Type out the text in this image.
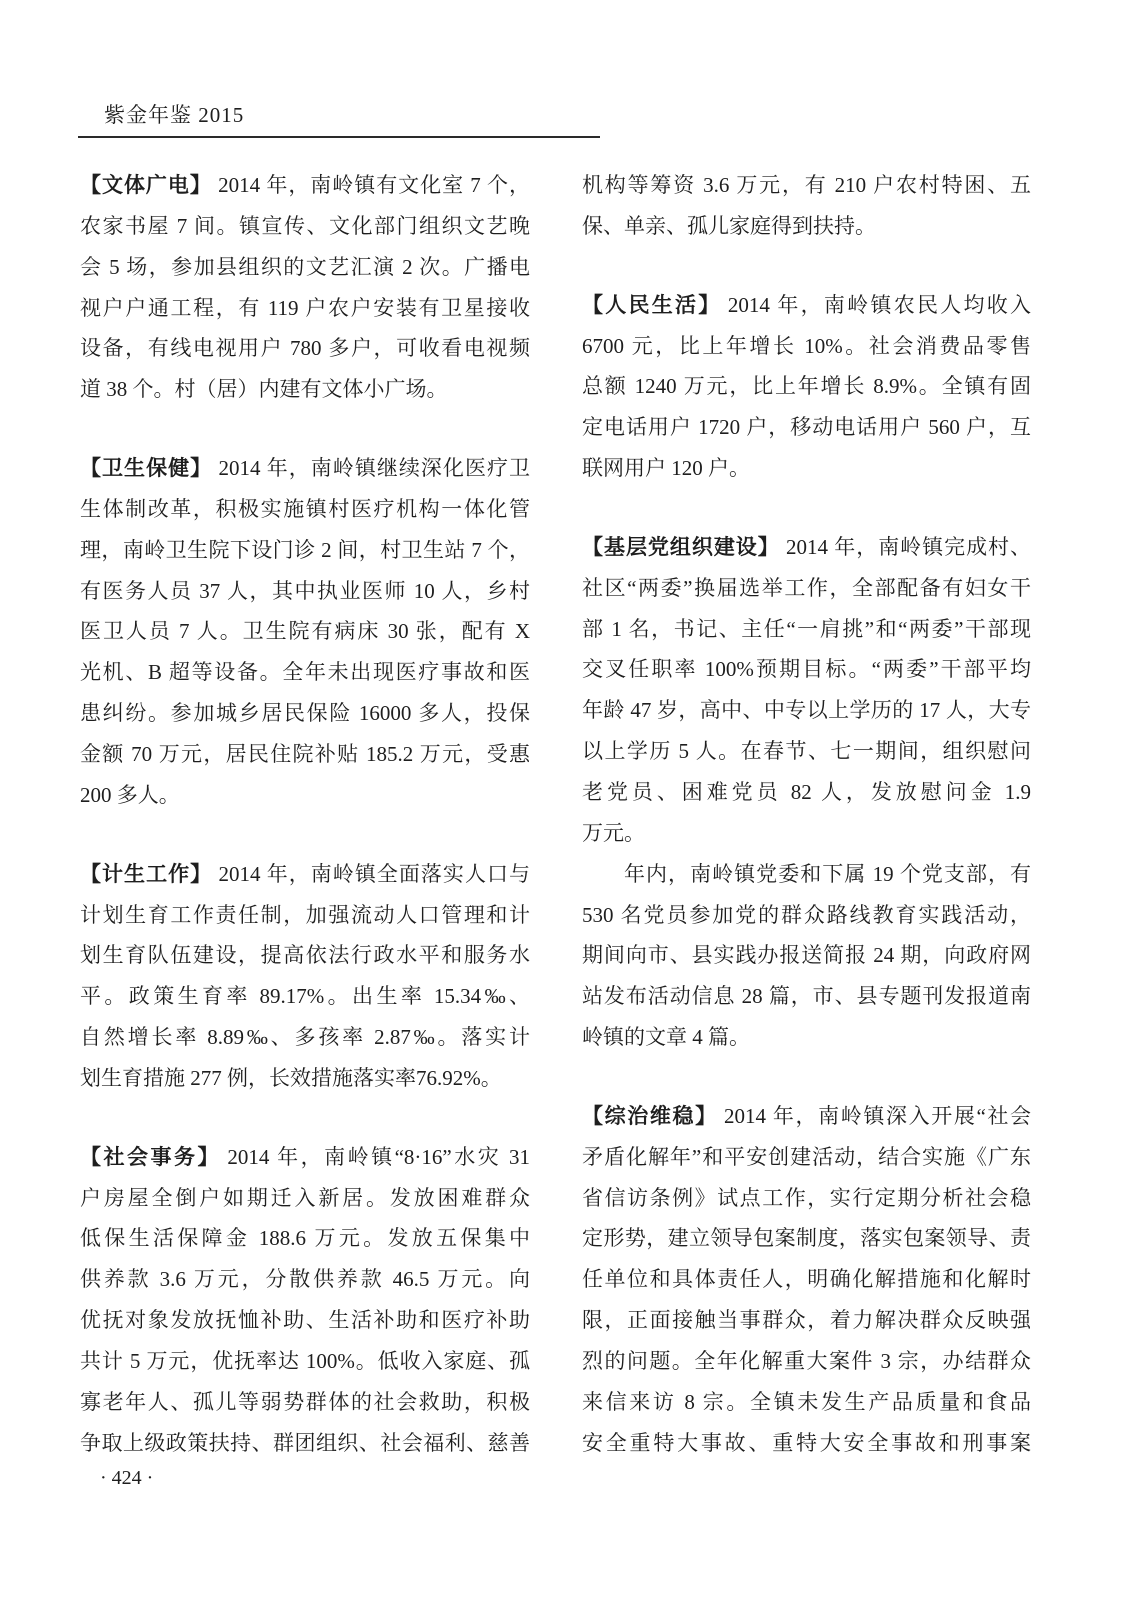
紫金年鉴 2015
【文体广电】 2014 年，南岭镇有文化室 7 个，
农家书屋 7 间。镇宣传、文化部门组织文艺晚
会 5 场，参加县组织的文艺汇演 2 次。广播电
视户户通工程，有 119 户农户安装有卫星接收
设备，有线电视用户 780 多户，可收看电视频
道 38 个。村（居）内建有文体小广场。
【卫生保健】 2014 年，南岭镇继续深化医疗卫
生体制改革，积极实施镇村医疗机构一体化管
理，南岭卫生院下设门诊 2 间，村卫生站 7 个，
有医务人员 37 人，其中执业医师 10 人，乡村
医卫人员 7 人。卫生院有病床 30 张，配有 X
光机、B 超等设备。全年未出现医疗事故和医
患纠纷。参加城乡居民保险 16000 多人，投保
金额 70 万元，居民住院补贴 185.2 万元，受惠
200 多人。
【计生工作】 2014 年，南岭镇全面落实人口与
计划生育工作责任制，加强流动人口管理和计
划生育队伍建设，提高依法行政水平和服务水
平。政策生育率 89.17%。出生率 15.34‰、
自然增长率 8.89‰、多孩率 2.87‰。落实计
划生育措施 277 例，长效措施落实率76.92%。
【社会事务】 2014 年，南岭镇“8·16”水灾 31
户房屋全倒户如期迁入新居。发放困难群众
低保生活保障金 188.6 万元。发放五保集中
供养款 3.6 万元，分散供养款 46.5 万元。向
优抚对象发放抚恤补助、生活补助和医疗补助
共计 5 万元，优抚率达 100%。低收入家庭、孤
寡老年人、孤儿等弱势群体的社会救助，积极
争取上级政策扶持、群团组织、社会福利、慈善
机构等筹资 3.6 万元，有 210 户农村特困、五
保、单亲、孤儿家庭得到扶持。
【人民生活】 2014 年，南岭镇农民人均收入
6700 元，比上年增长 10%。社会消费品零售
总额 1240 万元，比上年增长 8.9%。全镇有固
定电话用户 1720 户，移动电话用户 560 户，互
联网用户 120 户。
【基层党组织建设】 2014 年，南岭镇完成村、
社区“两委”换届选举工作，全部配备有妇女干
部 1 名，书记、主任“一肩挑”和“两委”干部现
交叉任职率 100%预期目标。“两委”干部平均
年龄 47 岁，高中、中专以上学历的 17 人，大专
以上学历 5 人。在春节、七一期间，组织慰问
老党员、困难党员 82 人，发放慰问金 1.9
万元。
年内，南岭镇党委和下属 19 个党支部，有
530 名党员参加党的群众路线教育实践活动，
期间向市、县实践办报送简报 24 期，向政府网
站发布活动信息 28 篇，市、县专题刊发报道南
岭镇的文章 4 篇。
【综治维稳】 2014 年，南岭镇深入开展“社会
矛盾化解年”和平安创建活动，结合实施《广东
省信访条例》试点工作，实行定期分析社会稳
定形势，建立领导包案制度，落实包案领导、责
任单位和具体责任人，明确化解措施和化解时
限，正面接触当事群众，着力解决群众反映强
烈的问题。全年化解重大案件 3 宗，办结群众
来信来访 8 宗。全镇未发生产品质量和食品
安全重特大事故、重特大安全事故和刑事案
· 424 ·
